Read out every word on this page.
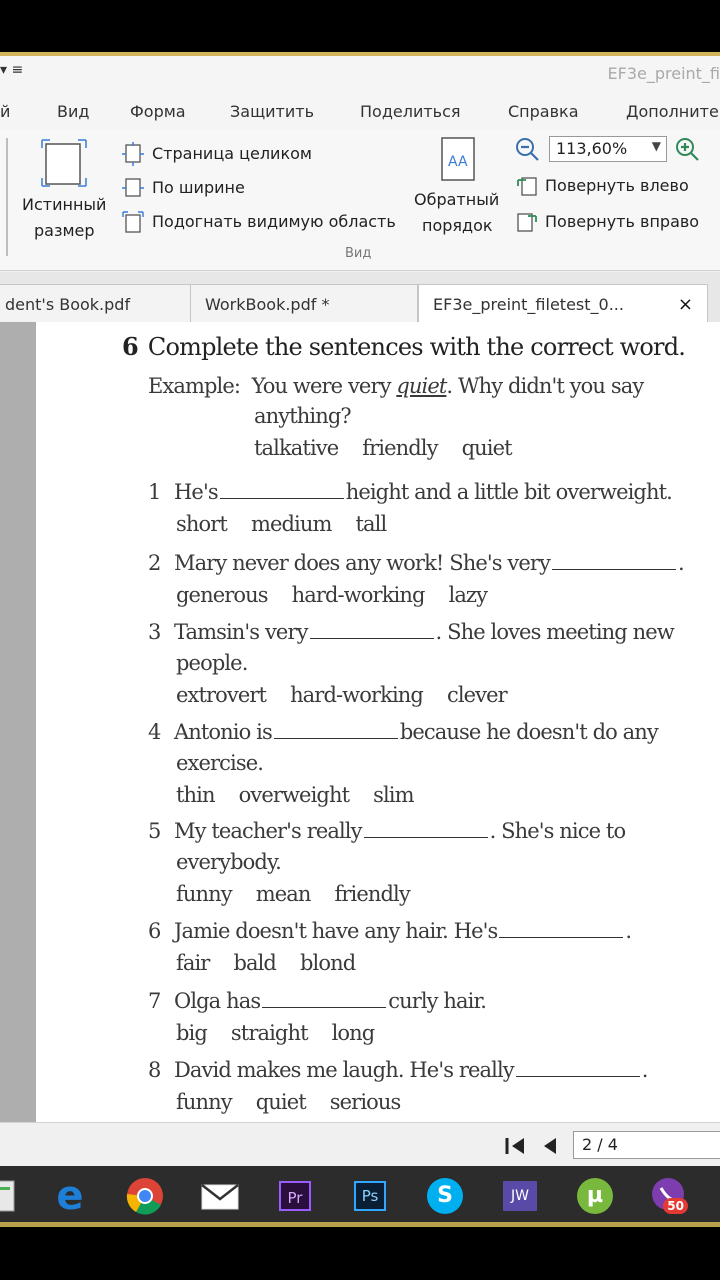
▾ ≡	EF3e_preint_fi
й	Вид	Форма	Защитить	Поделиться	Справка	Дополните
Истинный
размер
Страница целиком
По ширине
Подогнать видимую область
AA
Обратный
порядок
113,60% ▼
Повернуть влево
Повернуть вправо
Вид
dent's Book.pdf	WorkBook.pdf *	EF3e_preint_filetest_0...	×
6 Complete the sentences with the correct word.
Example: You were very quiet. Why didn't you say
anything?
talkative friendly quiet
1 He's	height and a little bit overweight.
short medium tall
2 Mary never does any work! She's very	.
generous hard-working lazy
3 Tamsin's very	. She loves meeting new
people.
extrovert hard-working clever
4 Antonio is	because he doesn't do any
exercise.
thin overweight slim
5 My teacher's really	. She's nice to
everybody.
funny mean friendly
6 Jamie doesn't have any hair. He's	.
fair bald blond
7 Olga has	curly hair.
big straight long
8 David makes me laugh. He's really	.
funny quiet serious
2 / 4
e	Pr	Ps	S	JW	µ	50
